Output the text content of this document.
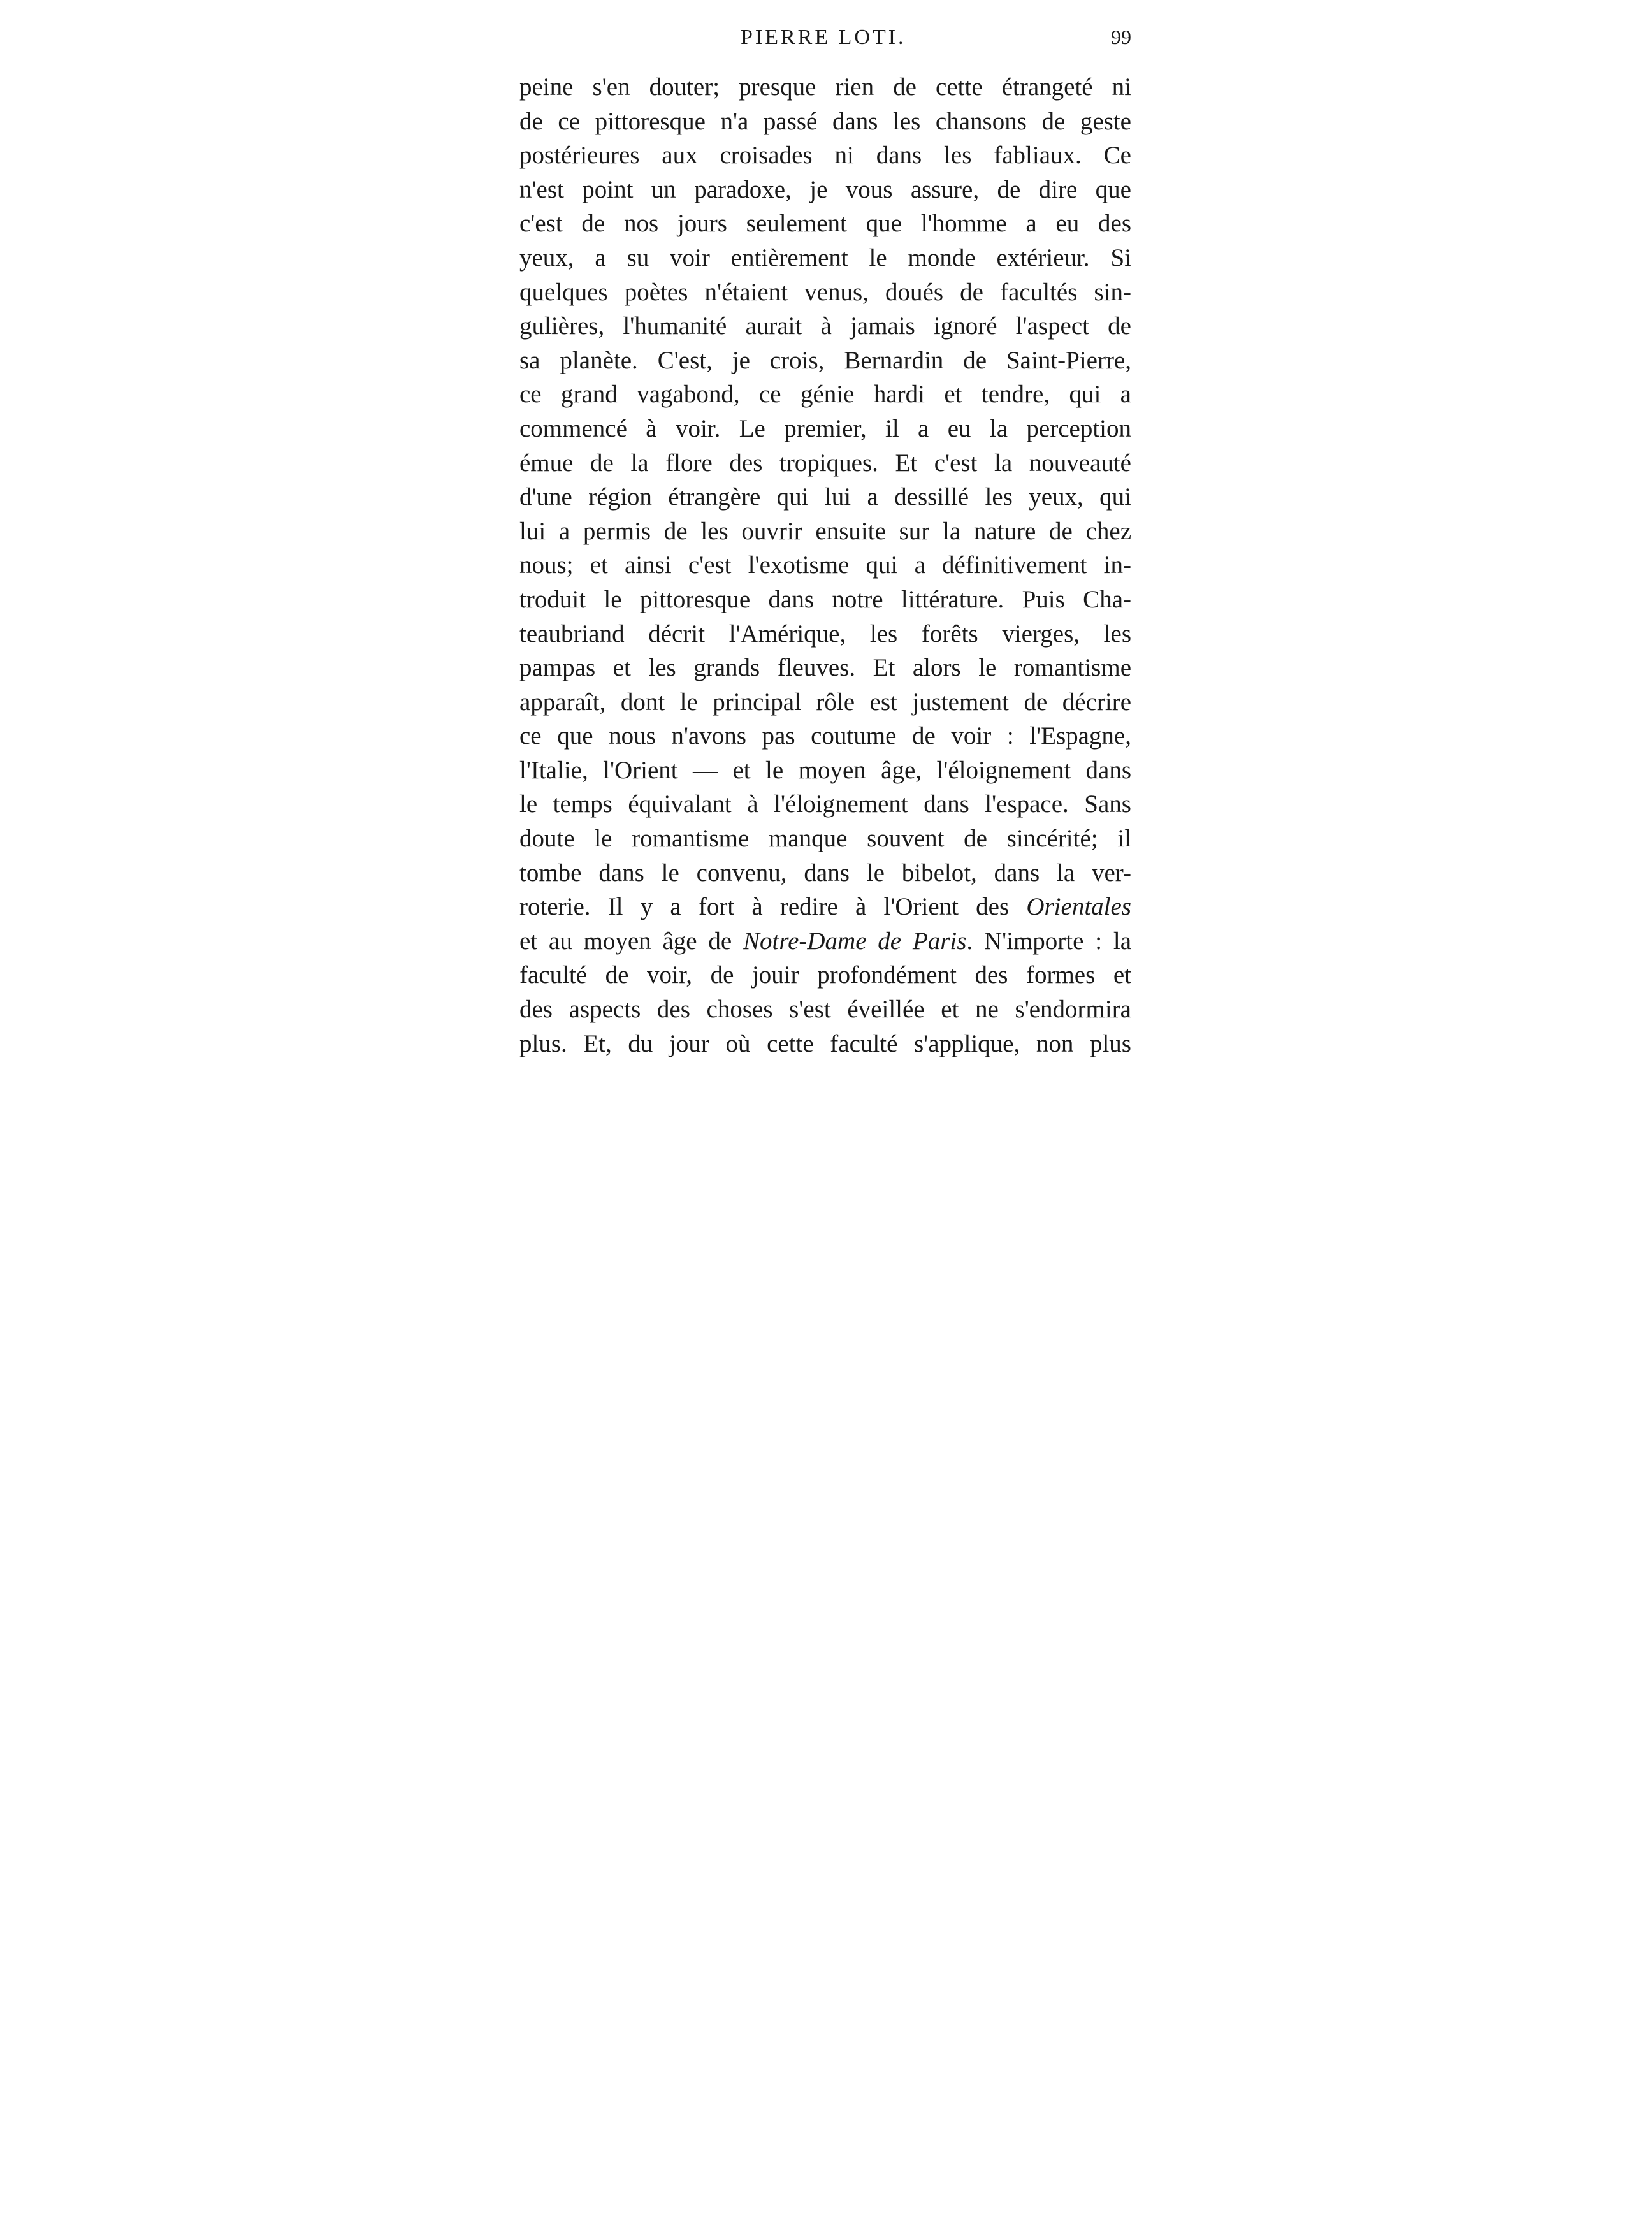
PIERRE LOTI.	99
peine s'en douter; presque rien de cette étrangeté ni
de ce pittoresque n'a passé dans les chansons de geste
postérieures aux croisades ni dans les fabliaux. Ce
n'est point un paradoxe, je vous assure, de dire que
c'est de nos jours seulement que l'homme a eu des
yeux, a su voir entièrement le monde extérieur. Si
quelques poètes n'étaient venus, doués de facultés sin-
gulières, l'humanité aurait à jamais ignoré l'aspect de
sa planète. C'est, je crois, Bernardin de Saint-Pierre,
ce grand vagabond, ce génie hardi et tendre, qui a
commencé à voir. Le premier, il a eu la perception
émue de la flore des tropiques. Et c'est la nouveauté
d'une région étrangère qui lui a dessillé les yeux, qui
lui a permis de les ouvrir ensuite sur la nature de chez
nous; et ainsi c'est l'exotisme qui a définitivement in-
troduit le pittoresque dans notre littérature. Puis Cha-
teaubriand décrit l'Amérique, les forêts vierges, les
pampas et les grands fleuves. Et alors le romantisme
apparaît, dont le principal rôle est justement de décrire
ce que nous n'avons pas coutume de voir : l'Espagne,
l'Italie, l'Orient — et le moyen âge, l'éloignement dans
le temps équivalant à l'éloignement dans l'espace. Sans
doute le romantisme manque souvent de sincérité; il
tombe dans le convenu, dans le bibelot, dans la ver-
roterie. Il y a fort à redire à l'Orient des Orientales
et au moyen âge de Notre-Dame de Paris. N'importe : la
faculté de voir, de jouir profondément des formes et
des aspects des choses s'est éveillée et ne s'endormira
plus. Et, du jour où cette faculté s'applique, non plus
